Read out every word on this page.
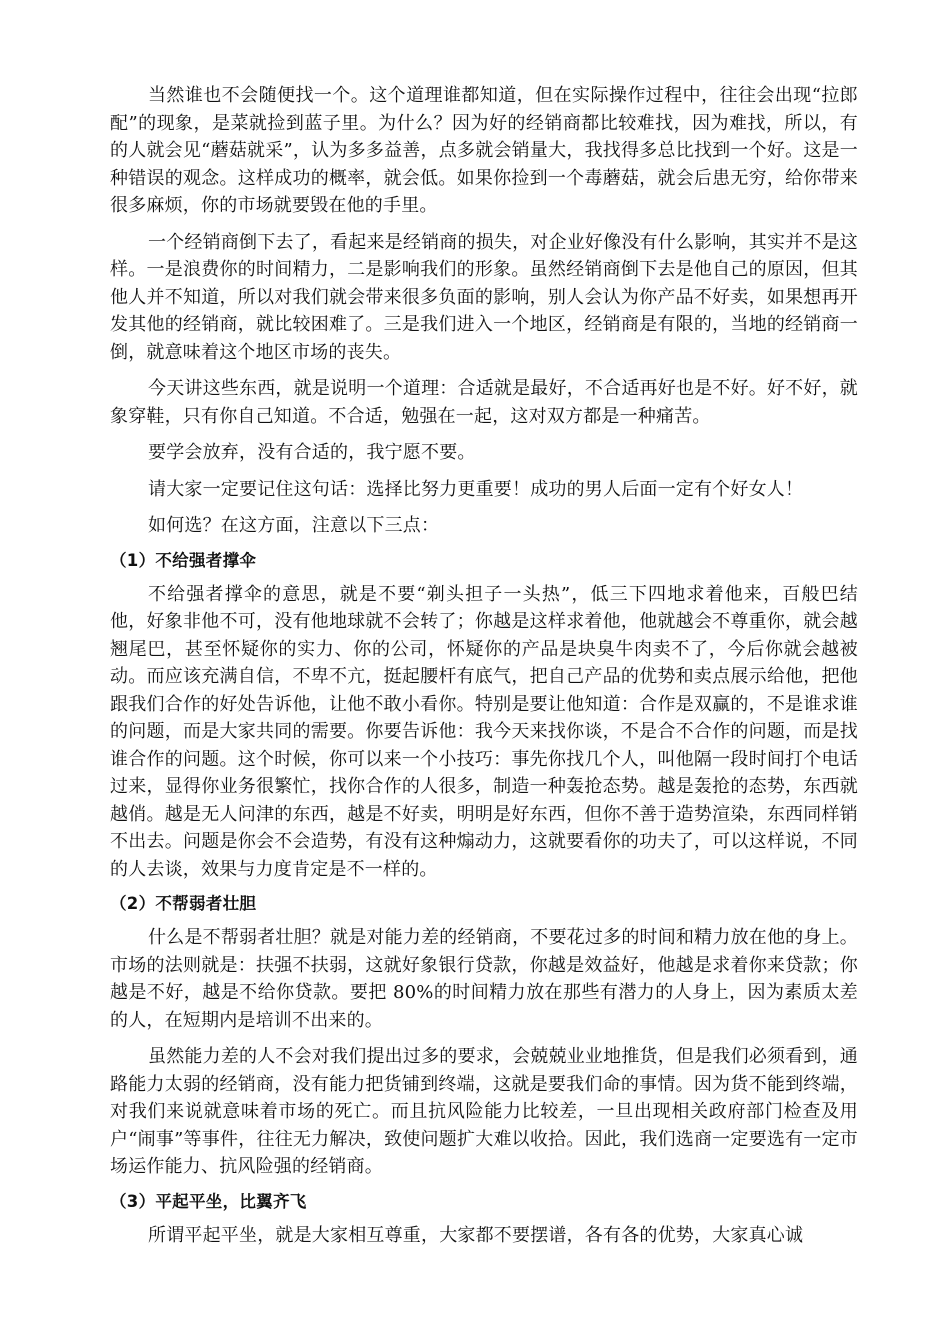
当然谁也不会随便找一个。这个道理谁都知道，但在实际操作过程中，往往会出现“拉郎配”的现象，是菜就捡到蓝子里。为什么？因为好的经销商都比较难找，因为难找，所以，有的人就会见“蘑菇就采”，认为多多益善，点多就会销量大，我找得多总比找到一个好。这是一种错误的观念。这样成功的概率，就会低。如果你捡到一个毒蘑菇，就会后患无穷，给你带来很多麻烦，你的市场就要毁在他的手里。

一个经销商倒下去了，看起来是经销商的损失，对企业好像没有什么影响，其实并不是这样。一是浪费你的时间精力，二是影响我们的形象。虽然经销商倒下去是他自己的原因，但其他人并不知道，所以对我们就会带来很多负面的影响，别人会认为你产品不好卖，如果想再开发其他的经销商，就比较困难了。三是我们进入一个地区，经销商是有限的，当地的经销商一倒，就意味着这个地区市场的丧失。

今天讲这些东西，就是说明一个道理：合适就是最好，不合适再好也是不好。好不好，就象穿鞋，只有你自己知道。不合适，勉强在一起，这对双方都是一种痛苦。

要学会放弃，没有合适的，我宁愿不要。

请大家一定要记住这句话：选择比努力更重要！成功的男人后面一定有个好女人！

如何选？在这方面，注意以下三点：

（1）不给强者撑伞

不给强者撑伞的意思，就是不要“剃头担子一头热”，低三下四地求着他来，百般巴结他，好象非他不可，没有他地球就不会转了；你越是这样求着他，他就越会不尊重你，就会越翘尾巴，甚至怀疑你的实力、你的公司，怀疑你的产品是块臭牛肉卖不了，今后你就会越被动。而应该充满自信，不卑不亢，挺起腰杆有底气，把自己产品的优势和卖点展示给他，把他跟我们合作的好处告诉他，让他不敢小看你。特别是要让他知道：合作是双赢的，不是谁求谁的问题，而是大家共同的需要。你要告诉他：我今天来找你谈，不是合不合作的问题，而是找谁合作的问题。这个时候，你可以来一个小技巧：事先你找几个人，叫他隔一段时间打个电话过来，显得你业务很繁忙，找你合作的人很多，制造一种轰抢态势。越是轰抢的态势，东西就越俏。越是无人问津的东西，越是不好卖，明明是好东西，但你不善于造势渲染，东西同样销不出去。问题是你会不会造势，有没有这种煽动力，这就要看你的功夫了，可以这样说，不同的人去谈，效果与力度肯定是不一样的。

（2）不帮弱者壮胆

什么是不帮弱者壮胆？就是对能力差的经销商，不要花过多的时间和精力放在他的身上。市场的法则就是：扶强不扶弱，这就好象银行贷款，你越是效益好，他越是求着你来贷款；你越是不好，越是不给你贷款。要把 80%的时间精力放在那些有潜力的人身上，因为素质太差的人，在短期内是培训不出来的。

虽然能力差的人不会对我们提出过多的要求，会兢兢业业地推货，但是我们必须看到，通路能力太弱的经销商，没有能力把货铺到终端，这就是要我们命的事情。因为货不能到终端，对我们来说就意味着市场的死亡。而且抗风险能力比较差，一旦出现相关政府部门检查及用户“闹事”等事件，往往无力解决，致使问题扩大难以收拾。因此，我们选商一定要选有一定市场运作能力、抗风险强的经销商。

（3）平起平坐，比翼齐飞

所谓平起平坐，就是大家相互尊重，大家都不要摆谱，各有各的优势，大家真心诚
